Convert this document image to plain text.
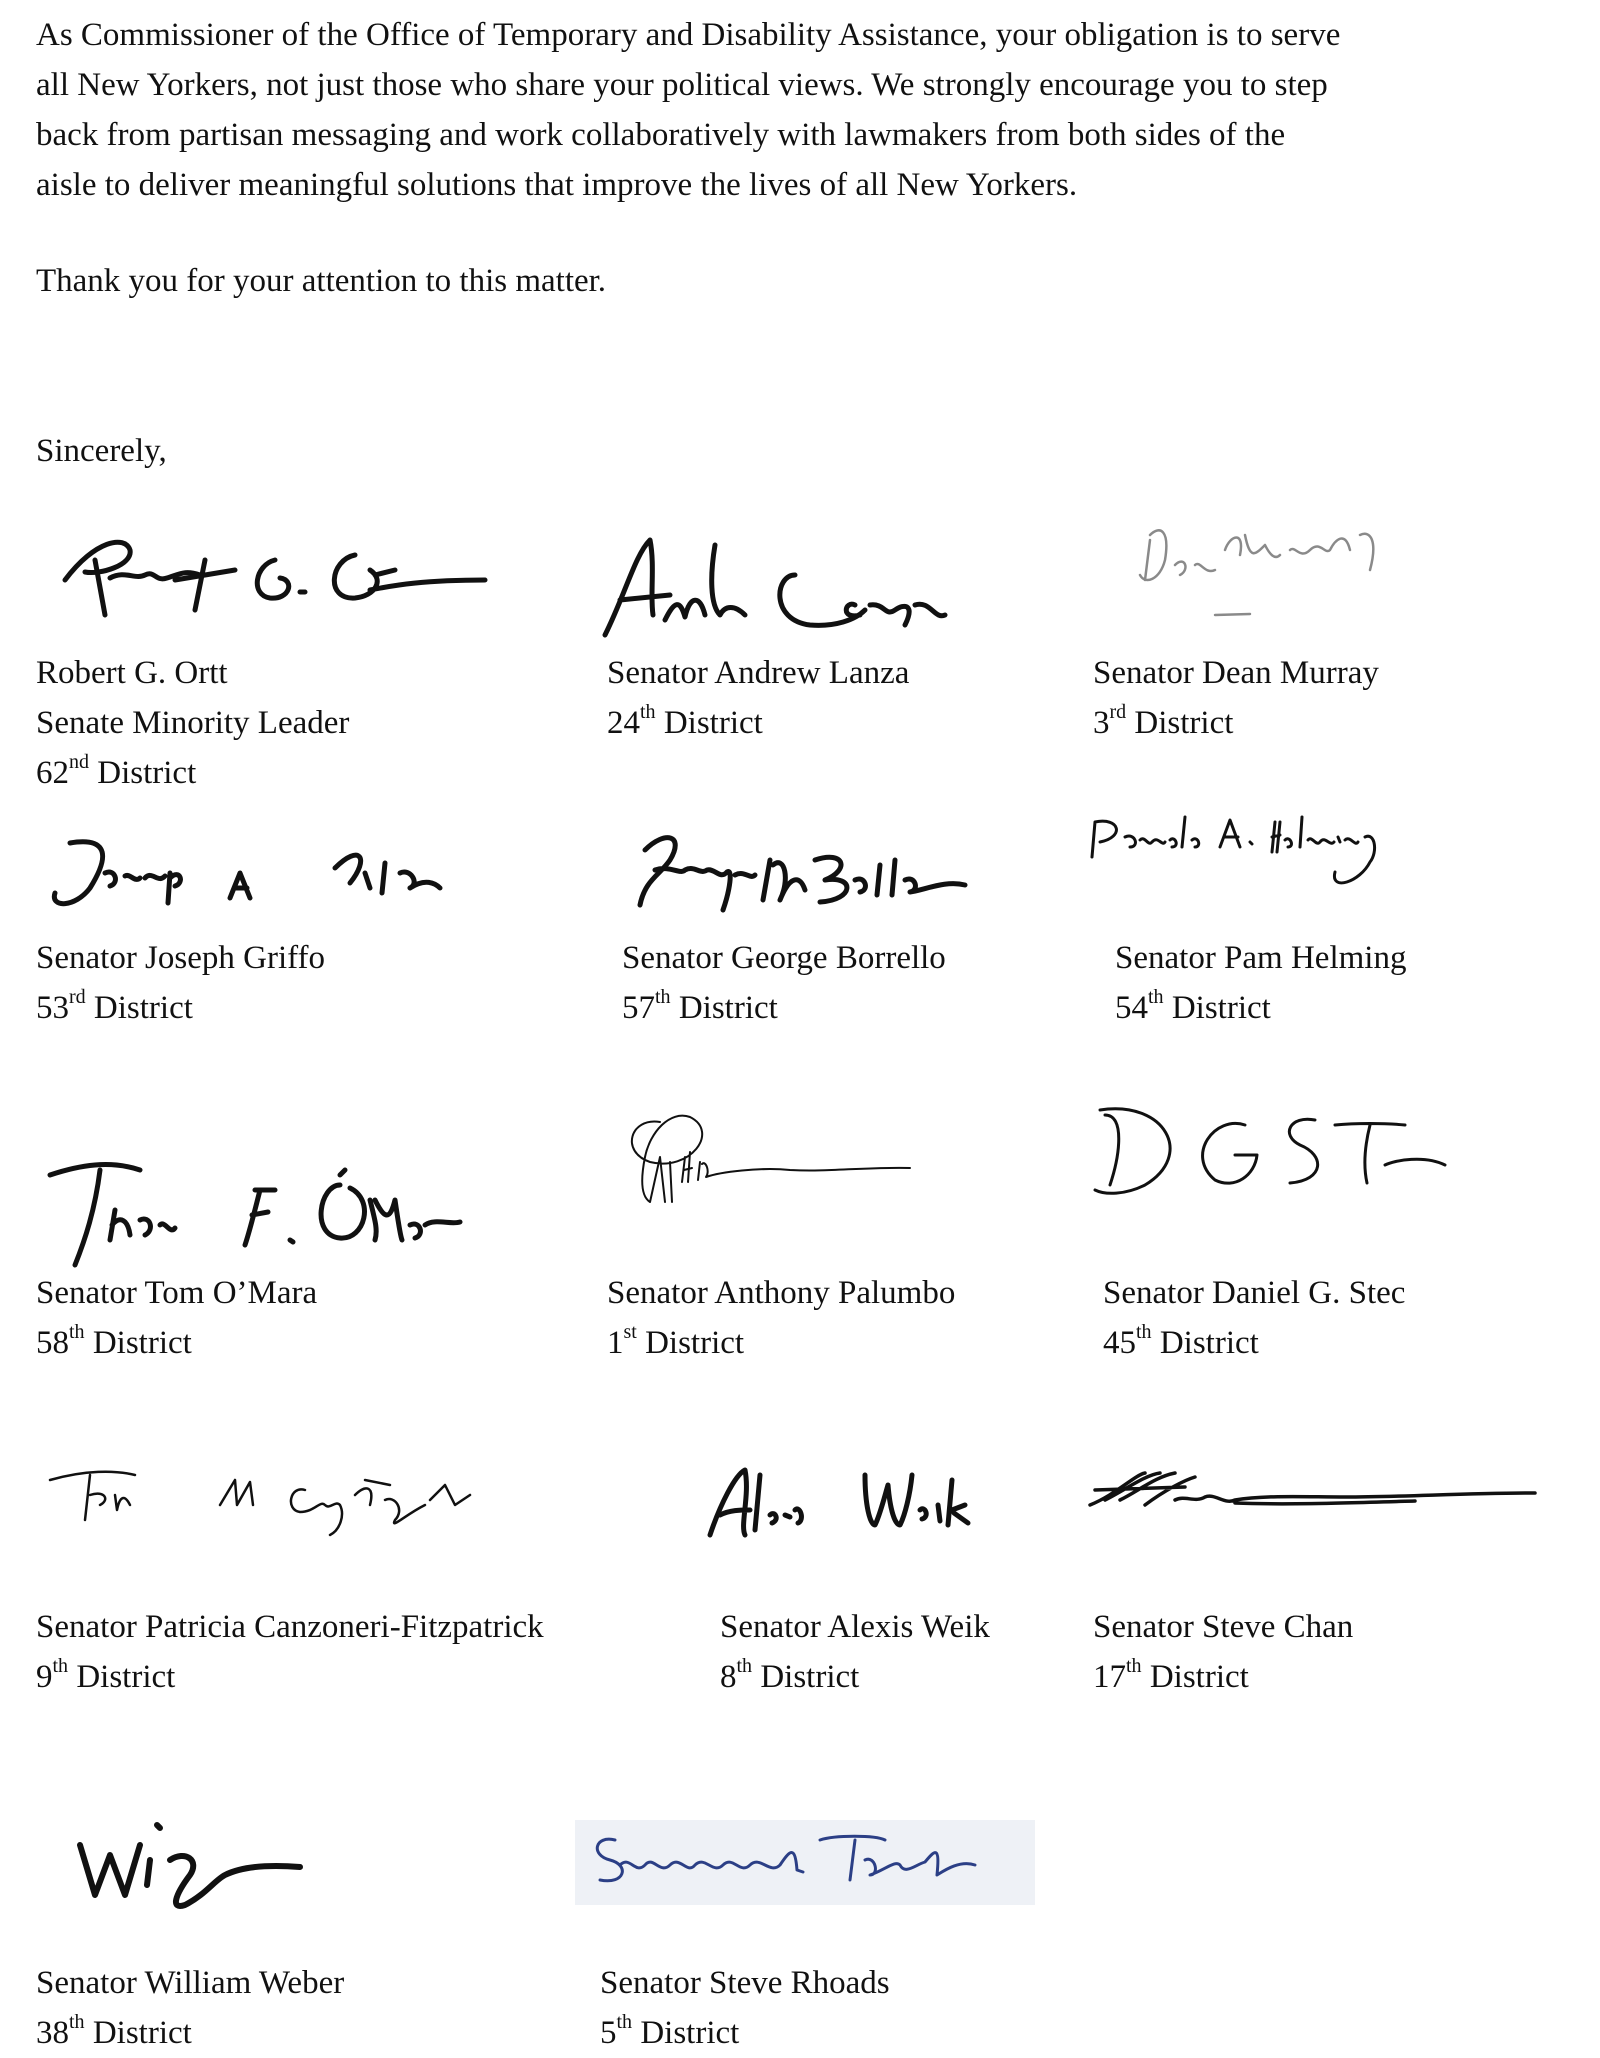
As Commissioner of the Office of Temporary and Disability Assistance, your obligation is to serve
all New Yorkers, not just those who share your political views. We strongly encourage you to step
back from partisan messaging and work collaboratively with lawmakers from both sides of the
aisle to deliver meaningful solutions that improve the lives of all New Yorkers.
Thank you for your attention to this matter.
Sincerely,
Robert G. Ortt
Senate Minority Leader
62nd District
Senator Andrew Lanza
24th District
Senator Dean Murray
3rd District
Senator Joseph Griffo
53rd District
Senator George Borrello
57th District
Senator Pam Helming
54th District
Senator Tom O’Mara
58th District
Senator Anthony Palumbo
1st District
Senator Daniel G. Stec
45th District
Senator Patricia Canzoneri-Fitzpatrick
9th District
Senator Alexis Weik
8th District
Senator Steve Chan
17th District
Senator William Weber
38th District
Senator Steve Rhoads
5th District
